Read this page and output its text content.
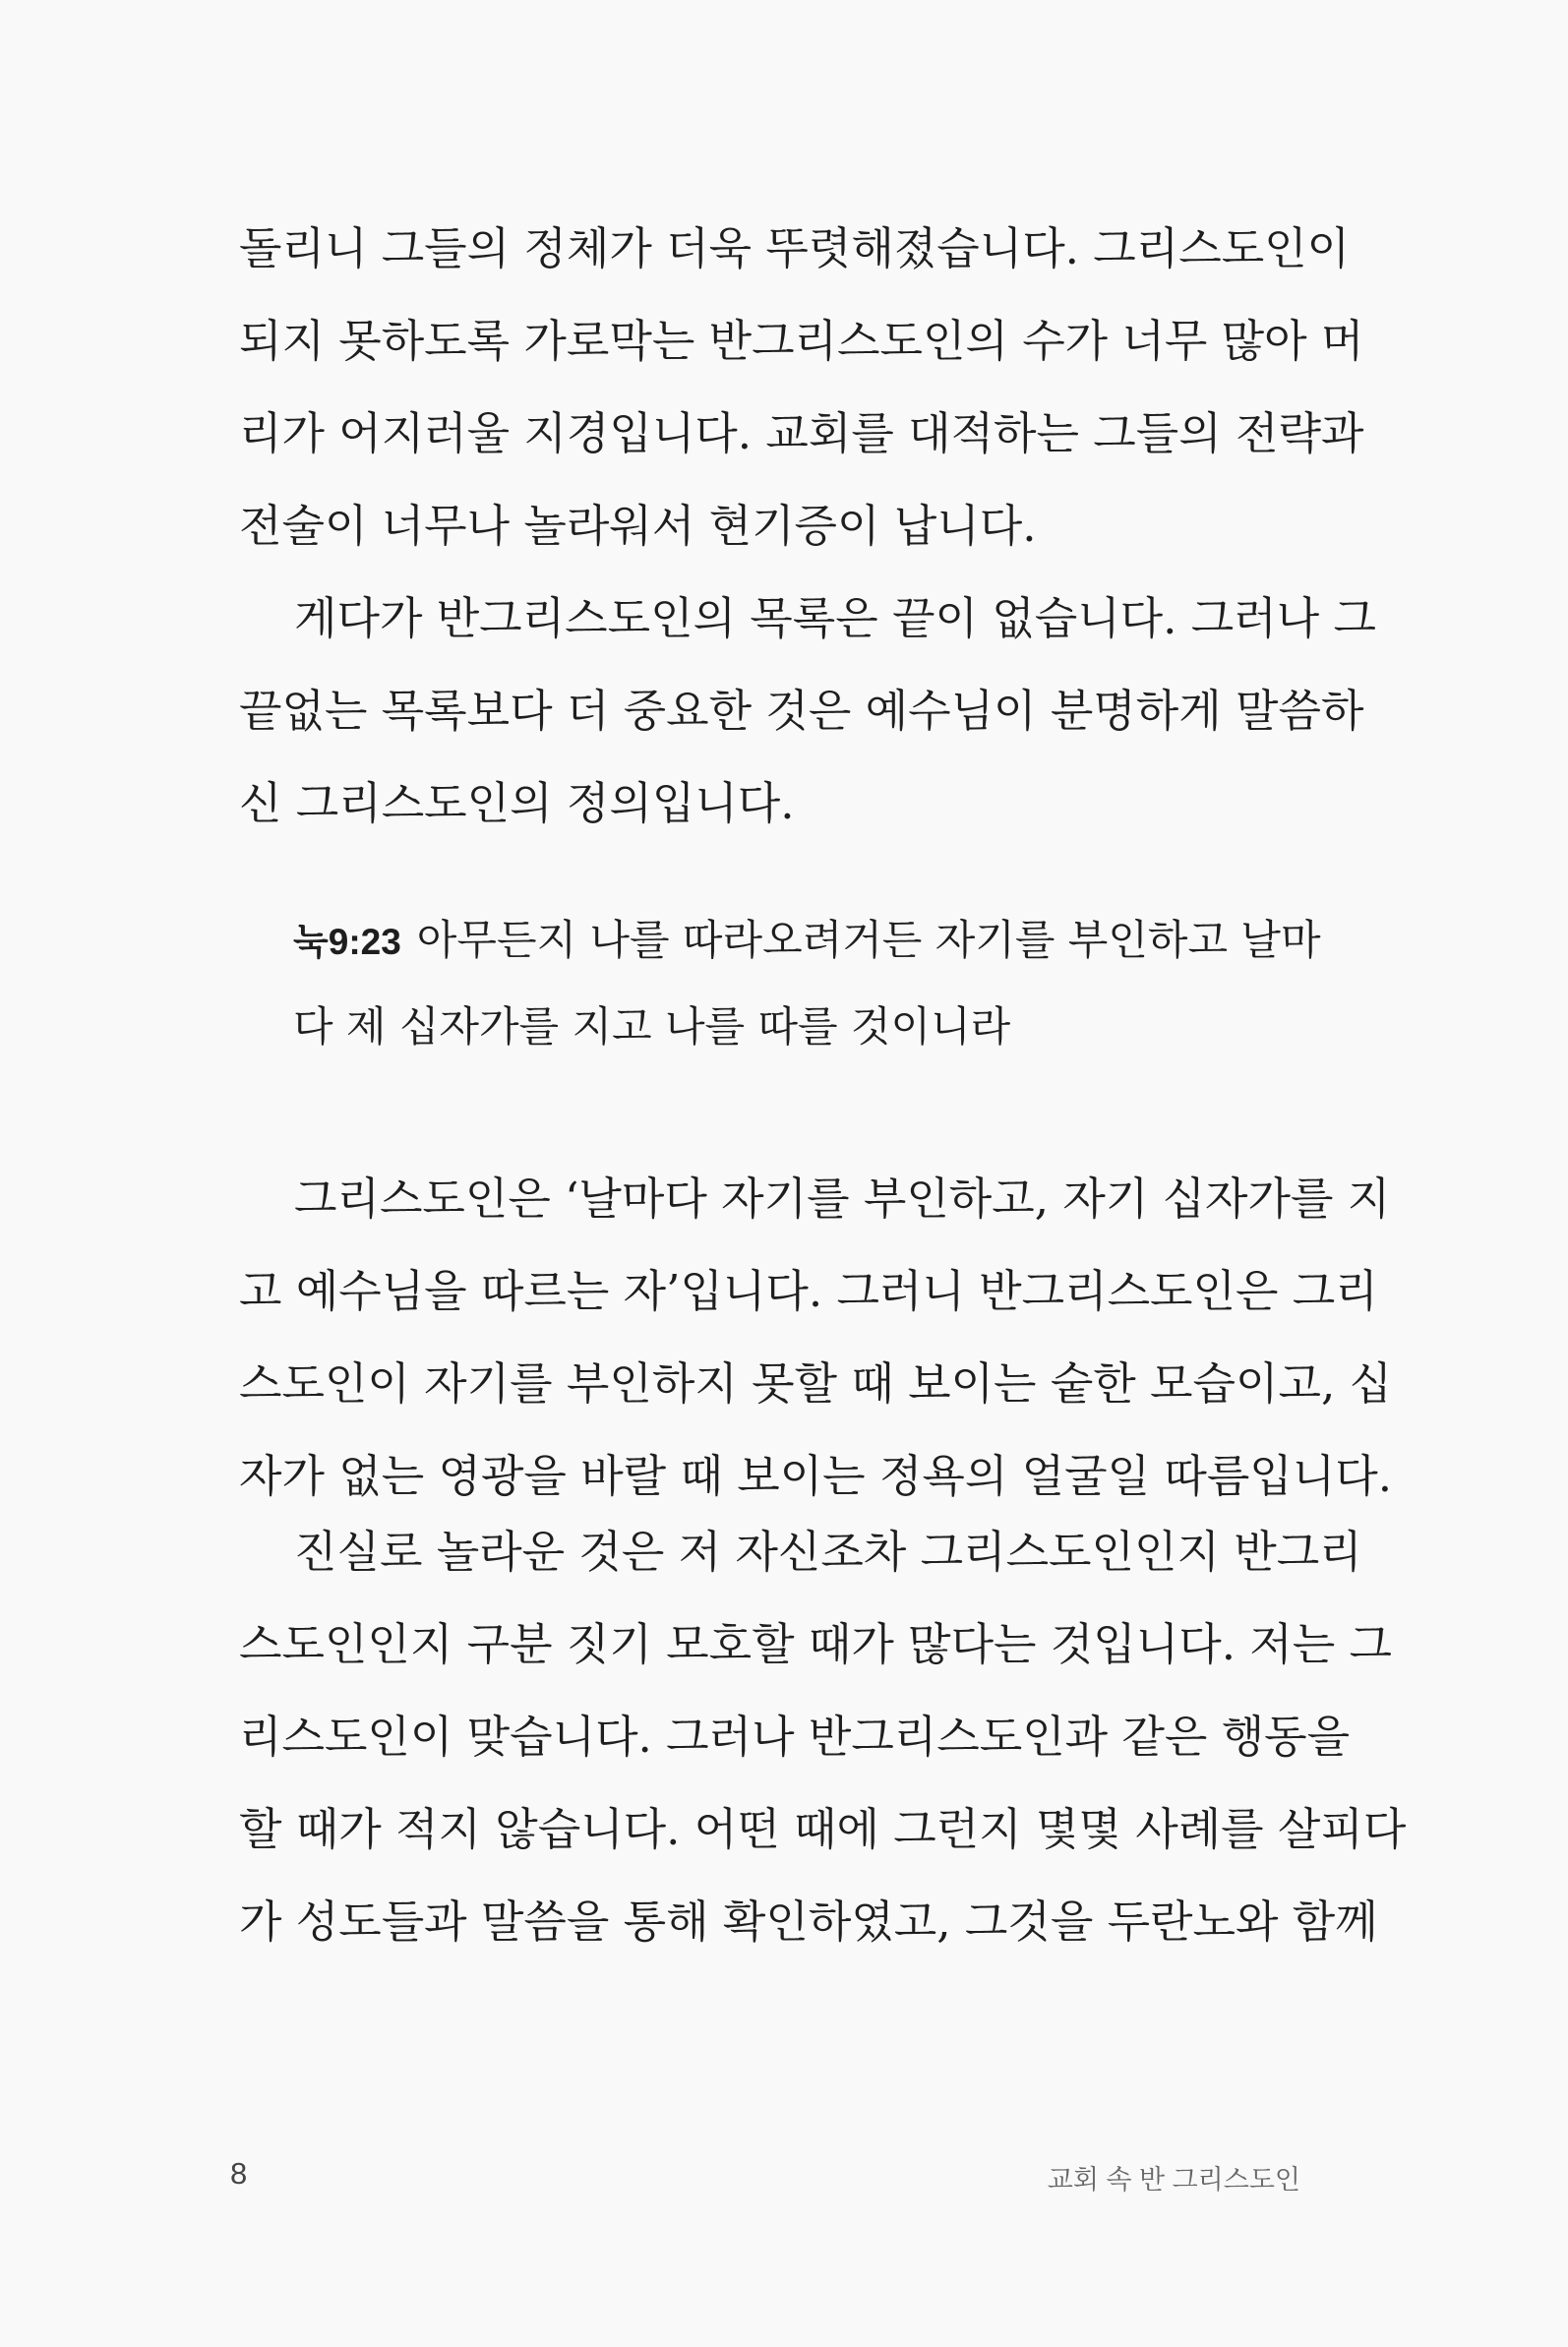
돌리니 그들의 정체가 더욱 뚜렷해졌습니다. 그리스도인이
되지 못하도록 가로막는 반그리스도인의 수가 너무 많아 머
리가 어지러울 지경입니다. 교회를 대적하는 그들의 전략과
전술이 너무나 놀라워서 현기증이 납니다.

게다가 반그리스도인의 목록은 끝이 없습니다. 그러나 그
끝없는 목록보다 더 중요한 것은 예수님이 분명하게 말씀하
신 그리스도인의 정의입니다.

눅9:23 아무든지 나를 따라오려거든 자기를 부인하고 날마
다 제 십자가를 지고 나를 따를 것이니라

그리스도인은 ‘날마다 자기를 부인하고, 자기 십자가를 지
고 예수님을 따르는 자’입니다. 그러니 반그리스도인은 그리
스도인이 자기를 부인하지 못할 때 보이는 숱한 모습이고, 십
자가 없는 영광을 바랄 때 보이는 정욕의 얼굴일 따름입니다.

진실로 놀라운 것은 저 자신조차 그리스도인인지 반그리
스도인인지 구분 짓기 모호할 때가 많다는 것입니다. 저는 그
리스도인이 맞습니다. 그러나 반그리스도인과 같은 행동을
할 때가 적지 않습니다. 어떤 때에 그런지 몇몇 사례를 살피다
가 성도들과 말씀을 통해 확인하였고, 그것을 두란노와 함께

8	교회 속 반 그리스도인
